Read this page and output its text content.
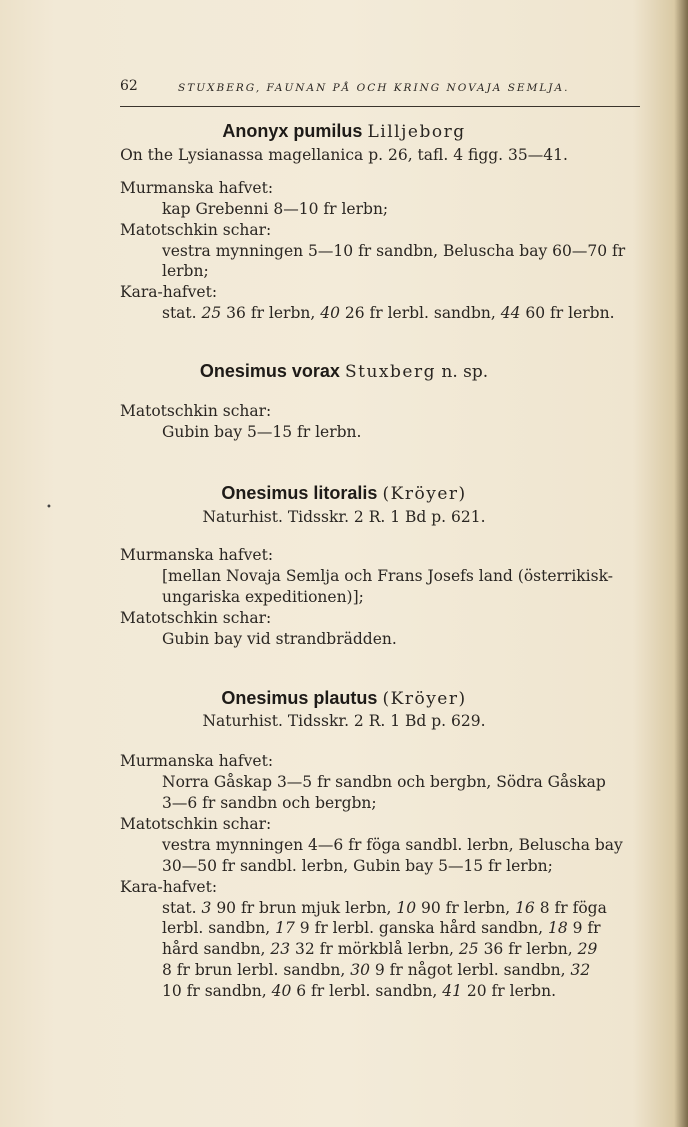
62	STUXBERG, FAUNAN PÅ OCH KRING NOVAJA SEMLJA.
Anonyx pumilus Lilljeborg
On the Lysianassa magellanica p. 26, tafl. 4 figg. 35—41.
Murmanska hafvet:
kap Grebenni 8—10 fr lerbn;
Matotschkin schar:
vestra mynningen 5—10 fr sandbn, Beluscha bay 60—70 fr
lerbn;
Kara-hafvet:
stat. 25 36 fr lerbn, 40 26 fr lerbl. sandbn, 44 60 fr lerbn.
Onesimus vorax Stuxberg n. sp.
Matotschkin schar:
Gubin bay 5—15 fr lerbn.
Onesimus litoralis (Kröyer)
Naturhist. Tidsskr. 2 R. 1 Bd p. 621.
Murmanska hafvet:
[mellan Novaja Semlja och Frans Josefs land (österrikisk-
ungariska expeditionen)];
Matotschkin schar:
Gubin bay vid strandbrädden.
Onesimus plautus (Kröyer)
Naturhist. Tidsskr. 2 R. 1 Bd p. 629.
Murmanska hafvet:
Norra Gåskap 3—5 fr sandbn och bergbn, Södra Gåskap
3—6 fr sandbn och bergbn;
Matotschkin schar:
vestra mynningen 4—6 fr föga sandbl. lerbn, Beluscha bay
30—50 fr sandbl. lerbn, Gubin bay 5—15 fr lerbn;
Kara-hafvet:
stat. 3 90 fr brun mjuk lerbn, 10 90 fr lerbn, 16 8 fr föga
lerbl. sandbn, 17 9 fr lerbl. ganska hård sandbn, 18 9 fr
hård sandbn, 23 32 fr mörkblå lerbn, 25 36 fr lerbn, 29
8 fr brun lerbl. sandbn, 30 9 fr något lerbl. sandbn, 32
10 fr sandbn, 40 6 fr lerbl. sandbn, 41 20 fr lerbn.
•
